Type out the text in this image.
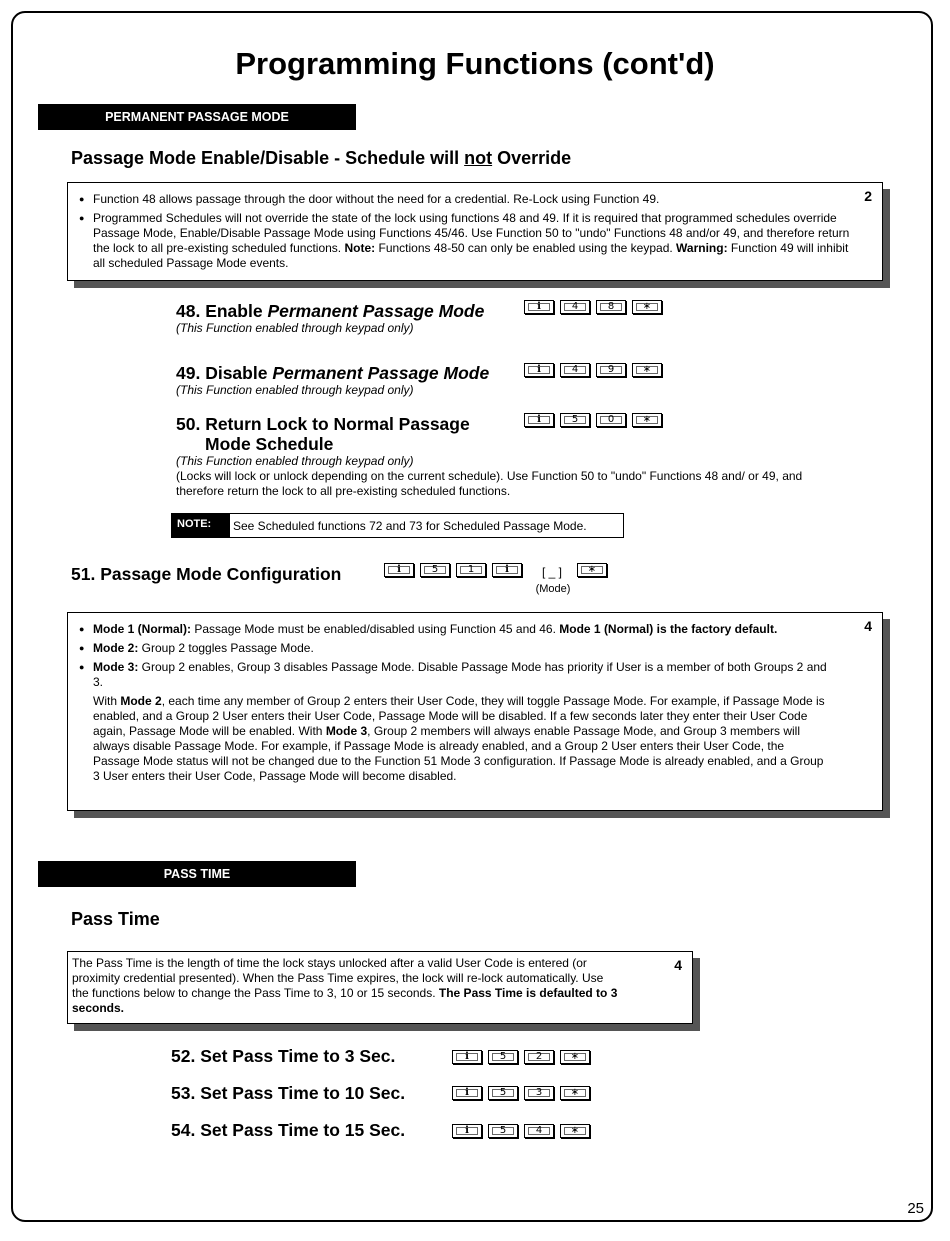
Programming Functions (cont'd)
PERMANENT PASSAGE MODE
Passage Mode Enable/Disable - Schedule will not Override
2
● Function 48 allows passage through the door without the need for a credential. Re-Lock using Function 49.
● Programmed Schedules will not override the state of the lock using functions 48 and 49. If it is required that programmed schedules override Passage Mode, Enable/Disable Passage Mode using Functions 45/46. Use Function 50 to "undo" Functions 48 and/or 49, and therefore return the lock to all pre-existing scheduled functions. Note: Functions 48-50 can only be enabled using the keypad. Warning: Function 49 will inhibit all scheduled Passage Mode events.
48. Enable Permanent Passage Mode
(This Function enabled through keypad only)
ℹ	4	8	∗
49. Disable Permanent Passage Mode
(This Function enabled through keypad only)
ℹ	4	9	∗
50. Return Lock to Normal Passage
Mode Schedule
(This Function enabled through keypad only)
(Locks will lock or unlock depending on the current schedule). Use Function 50 to "undo" Functions 48 and/ or 49, and therefore return the lock to all pre-existing scheduled functions.
ℹ	5	0	∗
NOTE:	See Scheduled functions 72 and 73 for Scheduled Passage Mode.
51. Passage Mode Configuration	ℹ	5	1	ℹ	[ _ ]
(Mode)
∗
4
● Mode 1 (Normal): Passage Mode must be enabled/disabled using Function 45 and 46. Mode 1 (Normal) is the factory default.
● Mode 2: Group 2 toggles Passage Mode.
● Mode 3: Group 2 enables, Group 3 disables Passage Mode. Disable Passage Mode has priority if User is a member of both Groups 2 and 3.

With Mode 2, each time any member of Group 2 enters their User Code, they will toggle Passage Mode. For example, if Passage Mode is enabled, and a Group 2 User enters their User Code, Passage Mode will be disabled. If a few seconds later they enter their User Code again, Passage Mode will be enabled. With Mode 3, Group 2 members will always enable Passage Mode, and Group 3 members will always disable Passage Mode. For example, if Passage Mode is already enabled, and a Group 2 User enters their User Code, the Passage Mode status will not be changed due to the Function 51 Mode 3 configuration. If Passage Mode is already enabled, and a Group 3 User enters their User Code, Passage Mode will become disabled.

PASS TIME
Pass Time
4
The Pass Time is the length of time the lock stays unlocked after a valid User Code is entered (or proximity credential presented). When the Pass Time expires, the lock will re-lock automatically. Use the functions below to change the Pass Time to 3, 10 or 15 seconds. The Pass Time is defaulted to 3 seconds.
52. Set Pass Time to 3 Sec.	ℹ	5	2	∗
53. Set Pass Time to 10 Sec.	ℹ	5	3	∗
54. Set Pass Time to 15 Sec.	ℹ	5	4	∗
25
